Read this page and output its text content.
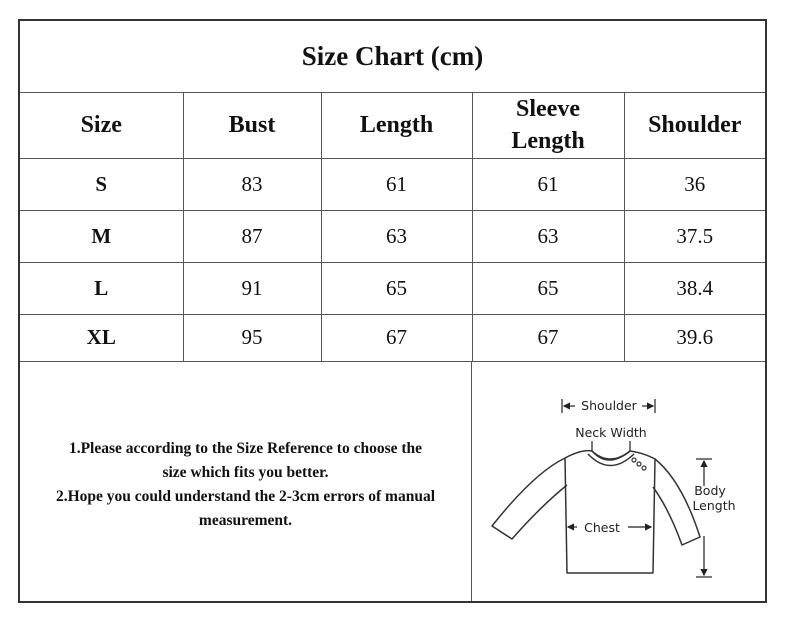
Size Chart (cm)
Size	Bust	Length	Sleeve Length	Shoulder
S	83	61	61	36
M	87	63	63	37.5
L	91	65	65	38.4
XL	95	67	67	39.6
1.Please according to the Size Reference to choose the
size which fits you better.
2.Hope you could understand the 2-3cm errors of manual
measurement.
Shoulder
Neck Width
Body
Length
Chest
